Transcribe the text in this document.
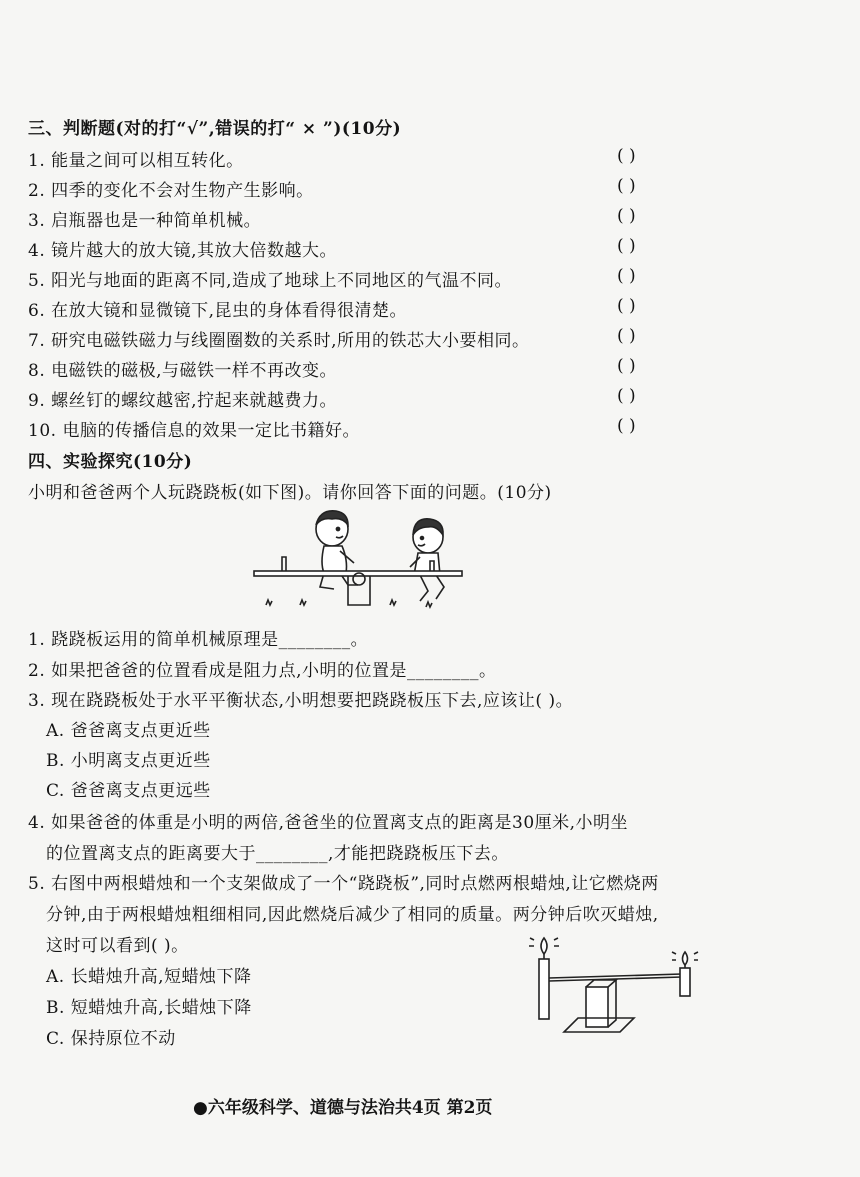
三、判断题(对的打“√”,错误的打“ × ”)(10分)
1. 能量之间可以相互转化。	( )
2. 四季的变化不会对生物产生影响。	( )
3. 启瓶器也是一种简单机械。	( )
4. 镜片越大的放大镜,其放大倍数越大。	( )
5. 阳光与地面的距离不同,造成了地球上不同地区的气温不同。	( )
6. 在放大镜和显微镜下,昆虫的身体看得很清楚。	( )
7. 研究电磁铁磁力与线圈圈数的关系时,所用的铁芯大小要相同。	( )
8. 电磁铁的磁极,与磁铁一样不再改变。	( )
9. 螺丝钉的螺纹越密,拧起来就越费力。	( )
10. 电脑的传播信息的效果一定比书籍好。	( )
四、实验探究(10分)
小明和爸爸两个人玩跷跷板(如下图)。请你回答下面的问题。(10分)
1. 跷跷板运用的简单机械原理是________。
2. 如果把爸爸的位置看成是阻力点,小明的位置是________。
3. 现在跷跷板处于水平平衡状态,小明想要把跷跷板压下去,应该让( )。
A. 爸爸离支点更近些
B. 小明离支点更近些
C. 爸爸离支点更远些
4. 如果爸爸的体重是小明的两倍,爸爸坐的位置离支点的距离是30厘米,小明坐
的位置离支点的距离要大于________,才能把跷跷板压下去。
5. 右图中两根蜡烛和一个支架做成了一个“跷跷板”,同时点燃两根蜡烛,让它燃烧两
分钟,由于两根蜡烛粗细相同,因此燃烧后减少了相同的质量。两分钟后吹灭蜡烛,
这时可以看到( )。
A. 长蜡烛升高,短蜡烛下降
B. 短蜡烛升高,长蜡烛下降
C. 保持原位不动
●六年级科学、道德与法治共4页 第2页
